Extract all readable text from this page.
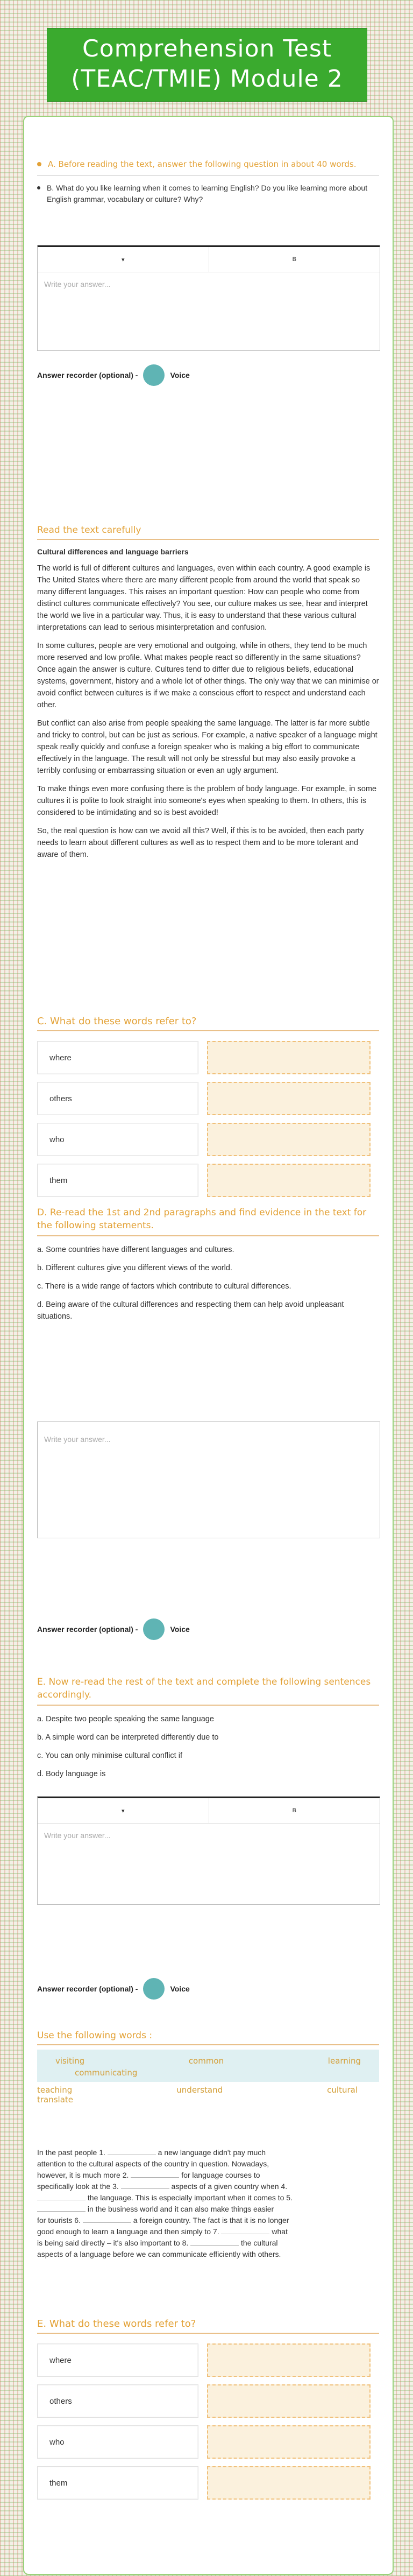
Comprehension Test (TEAC/TMIE) Module 2
A. Before reading the text, answer the following question in about 40 words.
B. What do you like learning when it comes to learning English? Do you like learning more about English grammar, vocabulary or culture? Why?
▾	B
Write your answer...
Answer recorder (optional) -	Voice
Read the text carefully
Cultural differences and language barriers

The world is full of different cultures and languages, even within each country. A good example is The United States where there are many different people from around the world that speak so many different languages. This raises an important question: How can people who come from distinct cultures communicate effectively? You see, our culture makes us see, hear and interpret the world we live in a particular way. Thus, it is easy to understand that these various cultural interpretations can lead to serious misinterpretation and confusion.

In some cultures, people are very emotional and outgoing, while in others, they tend to be much more reserved and low profile. What makes people react so differently in the same situations? Once again the answer is culture. Cultures tend to differ due to religious beliefs, educational systems, government, history and a whole lot of other things. The only way that we can minimise or avoid conflict between cultures is if we make a conscious effort to respect and understand each other.

But conflict can also arise from people speaking the same language. The latter is far more subtle and tricky to control, but can be just as serious. For example, a native speaker of a language might speak really quickly and confuse a foreign speaker who is making a big effort to communicate effectively in the language. The result will not only be stressful but may also easily provoke a terribly confusing or embarrassing situation or even an ugly argument.

To make things even more confusing there is the problem of body language. For example, in some cultures it is polite to look straight into someone's eyes when speaking to them. In others, this is considered to be intimidating and so is best avoided!

So, the real question is how can we avoid all this? Well, if this is to be avoided, then each party needs to learn about different cultures as well as to respect them and to be more tolerant and aware of them.

C. What do these words refer to?
where
others
who
them
D. Re-read the 1st and 2nd paragraphs and find evidence in the text for the following statements.

a. Some countries have different languages and cultures.

b. Different cultures give you different views of the world.

c. There is a wide range of factors which contribute to cultural differences.

d. Being aware of the cultural differences and respecting them can help avoid unpleasant situations.

Write your answer...
Answer recorder (optional) -	Voice
E. Now re-read the rest of the text and complete the following sentences accordingly.

a. Despite two people speaking the same language

b. A simple word can be interpreted differently due to

c. You can only minimise cultural conflict if

d. Body language is

▾	B
Write your answer...
Answer recorder (optional) -	Voice
Use the following words :
visiting	common	learning
communicating
teaching	understand	cultural
translate
In the past people 1.	a new language didn't pay much
attention to the cultural aspects of the country in question. Nowadays,
however, it is much more 2.	for language courses to
specifically look at the 3.	aspects of a given country when 4.
the language. This is especially important when it comes to 5.
in the business world and it can also make things easier
for tourists 6.	a foreign country. The fact is that it is no longer
good enough to learn a language and then simply to 7.	what
is being said directly – it's also important to 8.	the cultural
aspects of a language before we can communicate efficiently with others.
E. What do these words refer to?
where
others
who
them
